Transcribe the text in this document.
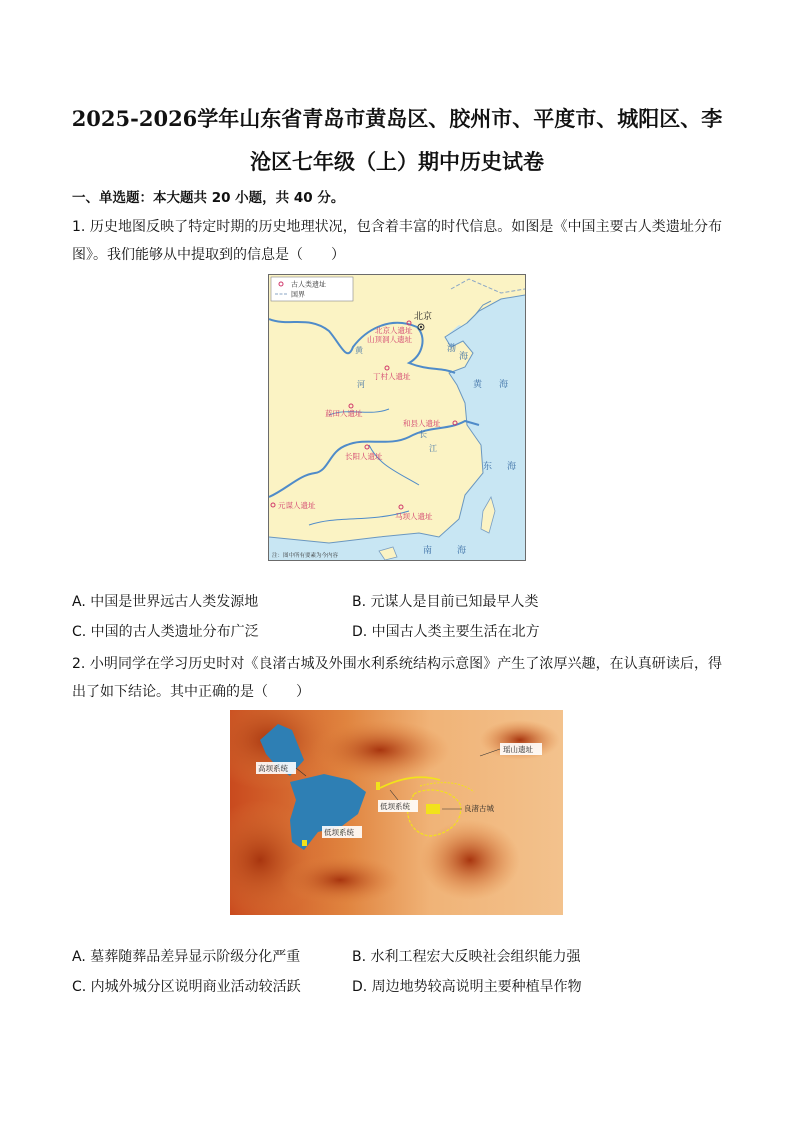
2025-2026学年山东省青岛市黄岛区、胶州市、平度市、城阳区、李
沧区七年级（上）期中历史试卷
一、单选题：本大题共 20 小题，共 40 分。
1. 历史地图反映了特定时期的历史地理状况，包含着丰富的时代信息。如图是《中国主要古人类遗址分布图》。我们能够从中提取到的信息是（　　）
古人类遗址
国界
北京
北京人遗址
山顶洞人遗址
丁村人遗址
蓝田人遗址
和县人遗址
长阳人遗址
元谋人遗址
马坝人遗址
黄
河
长
江
渤
海
黄 海
东 海
南	海
注：图中所有要素为今内容
A. 中国是世界远古人类发源地	B. 元谋人是目前已知最早人类
C. 中国的古人类遗址分布广泛	D. 中国古人类主要生活在北方
2. 小明同学在学习历史时对《良渚古城及外围水利系统结构示意图》产生了浓厚兴趣，在认真研读后，得出了如下结论。其中正确的是（　　）
瑶山遗址
高坝系统
低坝系统
低坝系统
良渚古城
A. 墓葬随葬品差异显示阶级分化严重	B. 水利工程宏大反映社会组织能力强
C. 内城外城分区说明商业活动较活跃	D. 周边地势较高说明主要种植旱作物
